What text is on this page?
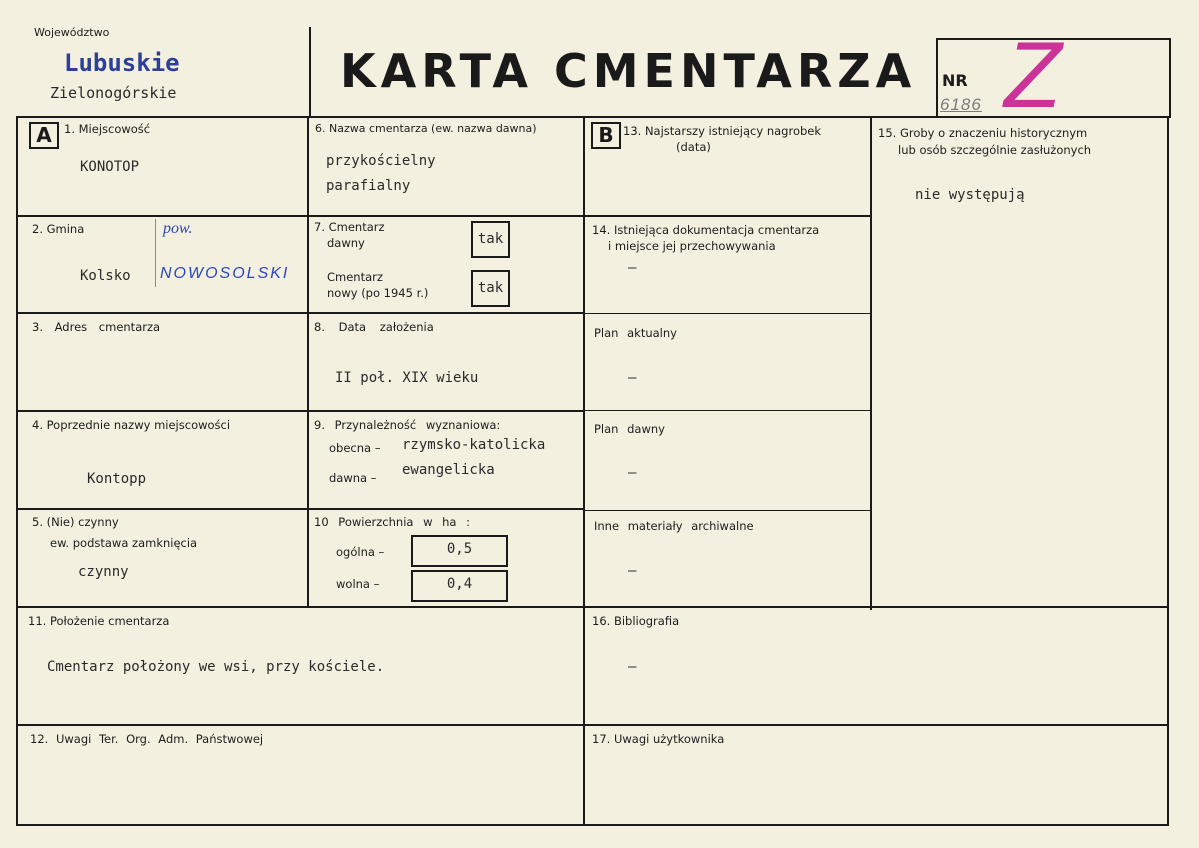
Województwo
Lubuskie
Zielonogórskie	KARTA CMENTARZA NR
6186 Z
A	B
1. Miejscowość
KONOTOP
2. Gmina
Kolsko
pow.
NOWOSOLSKI
3. Adres cmentarza
4. Poprzednie nazwy miejscowości
Kontopp
5. (Nie) czynny
ew. podstawa zamknięcia
czynny
6. Nazwa cmentarza (ew. nazwa dawna)
przykościelny
parafialny
7. Cmentarz
dawny	tak
Cmentarz
nowy (po 1945 r.)	tak
8. Data założenia
II poł. XIX wieku
9. Przynależność wyznaniowa:
obecna – rzymsko-katolicka
dawna – ewangelicka
10 Powierzchnia w ha :
ogólna –	0,5
wolna –	0,4
11. Położenie cmentarza
Cmentarz położony we wsi, przy kościele.
12. Uwagi Ter. Org. Adm. Państwowej
13. Najstarszy istniejący nagrobek
(data)
14. Istniejąca dokumentacja cmentarza
i miejsce jej przechowywania
–
Plan aktualny
–
Plan dawny
–
Inne materiały archiwalne
–
15. Groby o znaczeniu historycznym
lub osób szczególnie zasłużonych
nie występują
16. Bibliografia
–
17. Uwagi użytkownika
